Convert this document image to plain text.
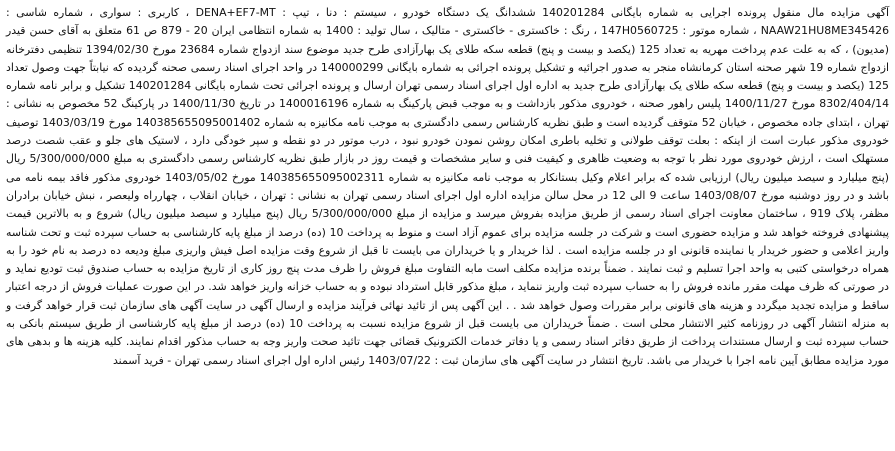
آگهی مزایده مال منقول پرونده اجرایی به شماره بایگانی 140201284 ششدانگ یک دستگاه خودرو ، سیستم : دنا ، تیپ : DENA+EF7-MT ، کاربری : سواری ، شماره شاسی : NAAW21HU8ME345426 ، شماره موتور : 147H0560725 ، رنگ : خاکستری - خاکستری - متالیک ، سال تولید : 1400 به شماره انتظامی ایران 20 - 879 ص 61 متعلق به آقای حسن قیدر (مدیون) ، که به علت عدم پرداخت مهریه به تعداد 125 (یکصد و بیست و پنج) قطعه سکه طلای یک بهارآزادی طرح جدید موضوع سند ازدواج شماره 23684 مورخ 1394/02/30 تنظیمی دفترخانه ازدواج شماره 19 شهر صحنه استان کرمانشاه منجر به صدور اجرائیه و تشکیل پرونده اجرائی به شماره بایگانی 140000299 در واحد اجرای اسناد رسمی صحنه گردیده که نیابتاً جهت وصول تعداد 125 (یکصد و بیست و پنج) قطعه سکه طلای یک بهارآزادی طرح جدید به اداره اول اجرای اسناد رسمی تهران ارسال و پرونده اجرائی تحت شماره بایگانی 140201284 تشکیل و برابر نامه شماره 8302/404/14 مورخ 1400/11/27 پلیس راهور صحنه ، خودروی مذکور بازداشت و به موجب قبض پارکینگ به شماره 1400016196 در تاریخ 1400/11/30 در پارکینگ 52 مخصوص به نشانی : تهران ، ابتدای جاده مخصوص ، خیابان 52 متوقف گردیده است و طبق نظریه کارشناس رسمی دادگستری به موجب نامه مکانیزه به شماره 140385655095001402 مورخ 1403/03/19 توصیف خودروی مذکور عبارت است از اینکه : بعلت توقف طولانی و تخلیه باطری امکان روشن نمودن خودرو نبود ، درب موتور در دو نقطه و سپر خودگی دارد ، لاستیک های جلو و عقب شصت درصد مستهلک است ، ارزش خودروی مورد نظر با توجه به وضعیت ظاهری و کیفیت فنی و سایر مشخصات و قیمت روز در بازار طبق نظریه کارشناس رسمی دادگستری به مبلغ 5/300/000/000 ریال (پنج میلیارد و سیصد میلیون ریال) ارزیابی شده که برابر اعلام وکیل بستانکار به موجب نامه مکانیزه به شماره 140385655095002311 مورخ 1403/05/02 خودروی مذکور فاقد بیمه نامه می باشد و در روز دوشنبه مورخ 1403/08/07 ساعت 9 الی 12 در محل سالن مزایده اداره اول اجرای اسناد رسمی تهران به نشانی : تهران ، خیابان انقلاب ، چهارراه ولیعصر ، نبش خیابان برادران مظفر، پلاک 919 ، ساختمان معاونت اجرای اسناد رسمی از طریق مزایده بفروش میرسد و مزایده از مبلغ 5/300/000/000 ریال (پنج میلیارد و سیصد میلیون ریال) شروع و به بالاترین قیمت پیشنهادی فروخته خواهد شد و مزایده حضوری است و شرکت در جلسه مزایده برای عموم آزاد است و منوط به پرداخت 10 (ده) درصد از مبلغ پایه کارشناسی به حساب سپرده ثبت و تحت شناسه واریز اعلامی و حضور خریدار یا نماینده قانونی او در جلسه مزایده است . لذا خریدار و یا خریداران می بایست تا قبل از شروع وقت مزایده اصل فیش واریزی مبلغ ودیعه ده درصد به نام خود را به همراه درخواستی کتبی به واحد اجرا تسلیم و ثبت نمایند . ضمناً برنده مزایده مکلف است مابه التفاوت مبلغ فروش را ظرف مدت پنج روز کاری از تاریخ مزایده به حساب صندوق ثبت تودیع نماید و در صورتی که ظرف مهلت مقرر مانده فروش را به حساب سپرده ثبت واریز ننماید ، مبلغ مذکور قابل استرداد نبوده و به حساب خزانه واریز خواهد شد. در این صورت عملیات فروش از درجه اعتبار ساقط و مزایده تجدید میگردد و هزینه های قانونی برابر مقررات وصول خواهد شد . . این آگهی پس از تائید نهائی فرآیند مزایده و ارسال آگهی در سایت آگهی های سازمان ثبت قرار خواهد گرفت و به منزله انتشار آگهی در روزنامه کثیر الانتشار محلی است . ضمناً خریداران می بایست قبل از شروع مزایده نسبت به پرداخت 10 (ده) درصد از مبلغ پایه کارشناسی از طریق سیستم بانکی به حساب سپرده ثبت و ارسال مستندات پرداخت از طریق دفاتر اسناد رسمی و یا دفاتر خدمات الکترونیک قضائی جهت تائید صحت واریز وجه به حساب مذکور اقدام نمایند. کلیه هزینه ها و بدهی های مورد مزایده مطابق آیین نامه اجرا با خریدار می باشد. تاریخ انتشار در سایت آگهی های سازمان ثبت : 1403/07/22 رئیس اداره اول اجرای اسناد رسمی تهران - فرید آسمند
